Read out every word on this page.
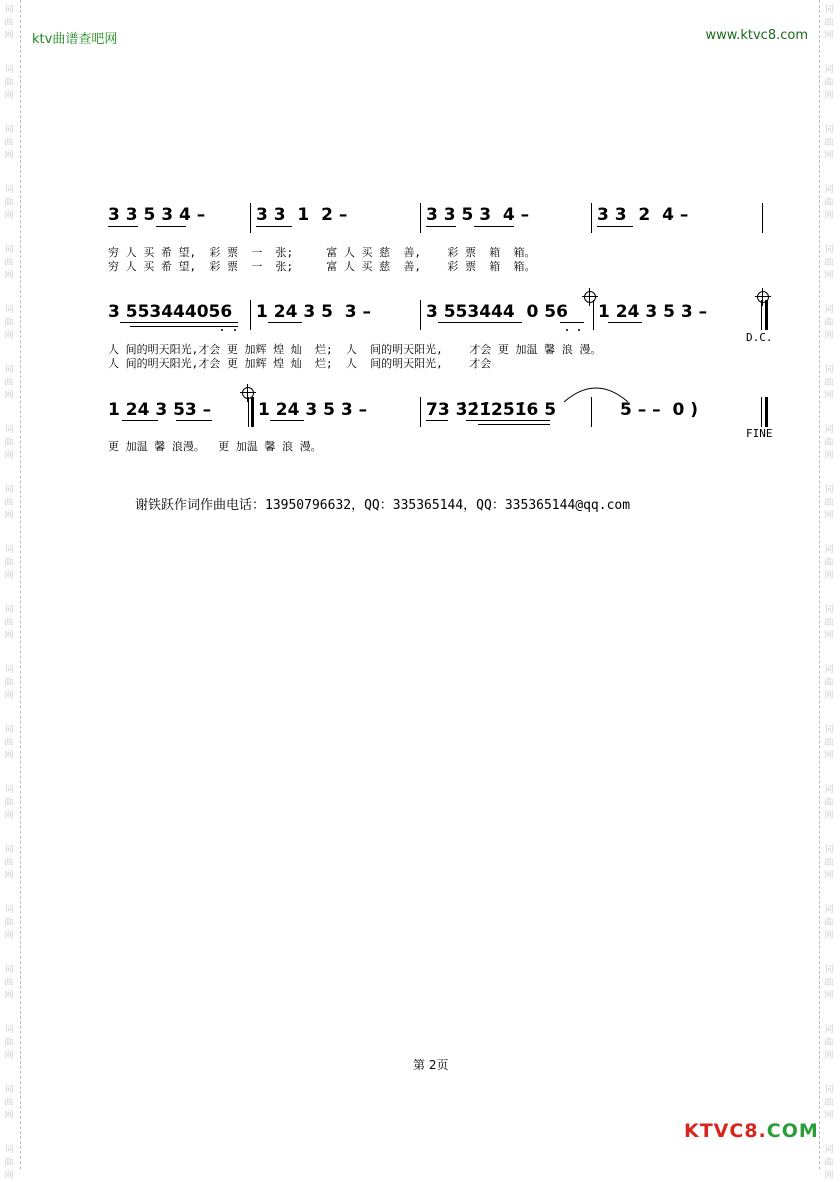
词
曲
网
词
曲
网
词
曲
网
词
曲
网
词
曲
网
词
曲
网
词
曲
网
词
曲
网
词
曲
网
词
曲
网
词
曲
网
词
曲
网
词
曲
网
词
曲
网
词
曲
网
词
曲
网
词
曲
网
词
曲
网
词
曲
网
词
曲
网
词
曲
网
词
曲
网
词
曲
网
词
曲
网
词
曲
网
词
曲
网
词
曲
网
词
曲
网
词
曲
网
词
曲
网
词
曲
网
词
曲
网
词
曲
网
词
曲
网
词
曲
网
词
曲
网
词
曲
网
词
曲
网
词
曲
网
词
曲
网
ktv曲谱查吧网	www.ktvc8.com
3 3 5 3 4 –	3 3  1  2 –	3 3 5 3  4 –	3 3  2  4 –
穷 人 买 希 望,  彩 票  一  张;     富 人 买 慈  善,    彩 票  箱  箱。
穷 人 买 希 望,  彩 票  一  张;     富 人 买 慈  善,    彩 票  箱  箱。
3 553444056 1 24 3 5  3 –	3 553444  0 56 1 24 3 5 3 –
D.C.
人 间的明天阳光,才会 更 加辉 煌 灿  烂;  人  间的明天阳光,    才会 更 加温 馨 浪 漫。
人 间的明天阳光,才会 更 加辉 煌 灿  烂;  人  间的明天阳光,    才会
1 24 3 53 –	1 24 3 5 3 –	73 3̇2̇1̇25̇1̇6 5	5 – –  0 )
FINE
更 加温 馨 浪漫。  更 加温 馨 浪 漫。
谢铁跃作词作曲电话：13950796632，QQ：335365144，QQ：335365144@qq.com
第 2页
KTVC8.COM
